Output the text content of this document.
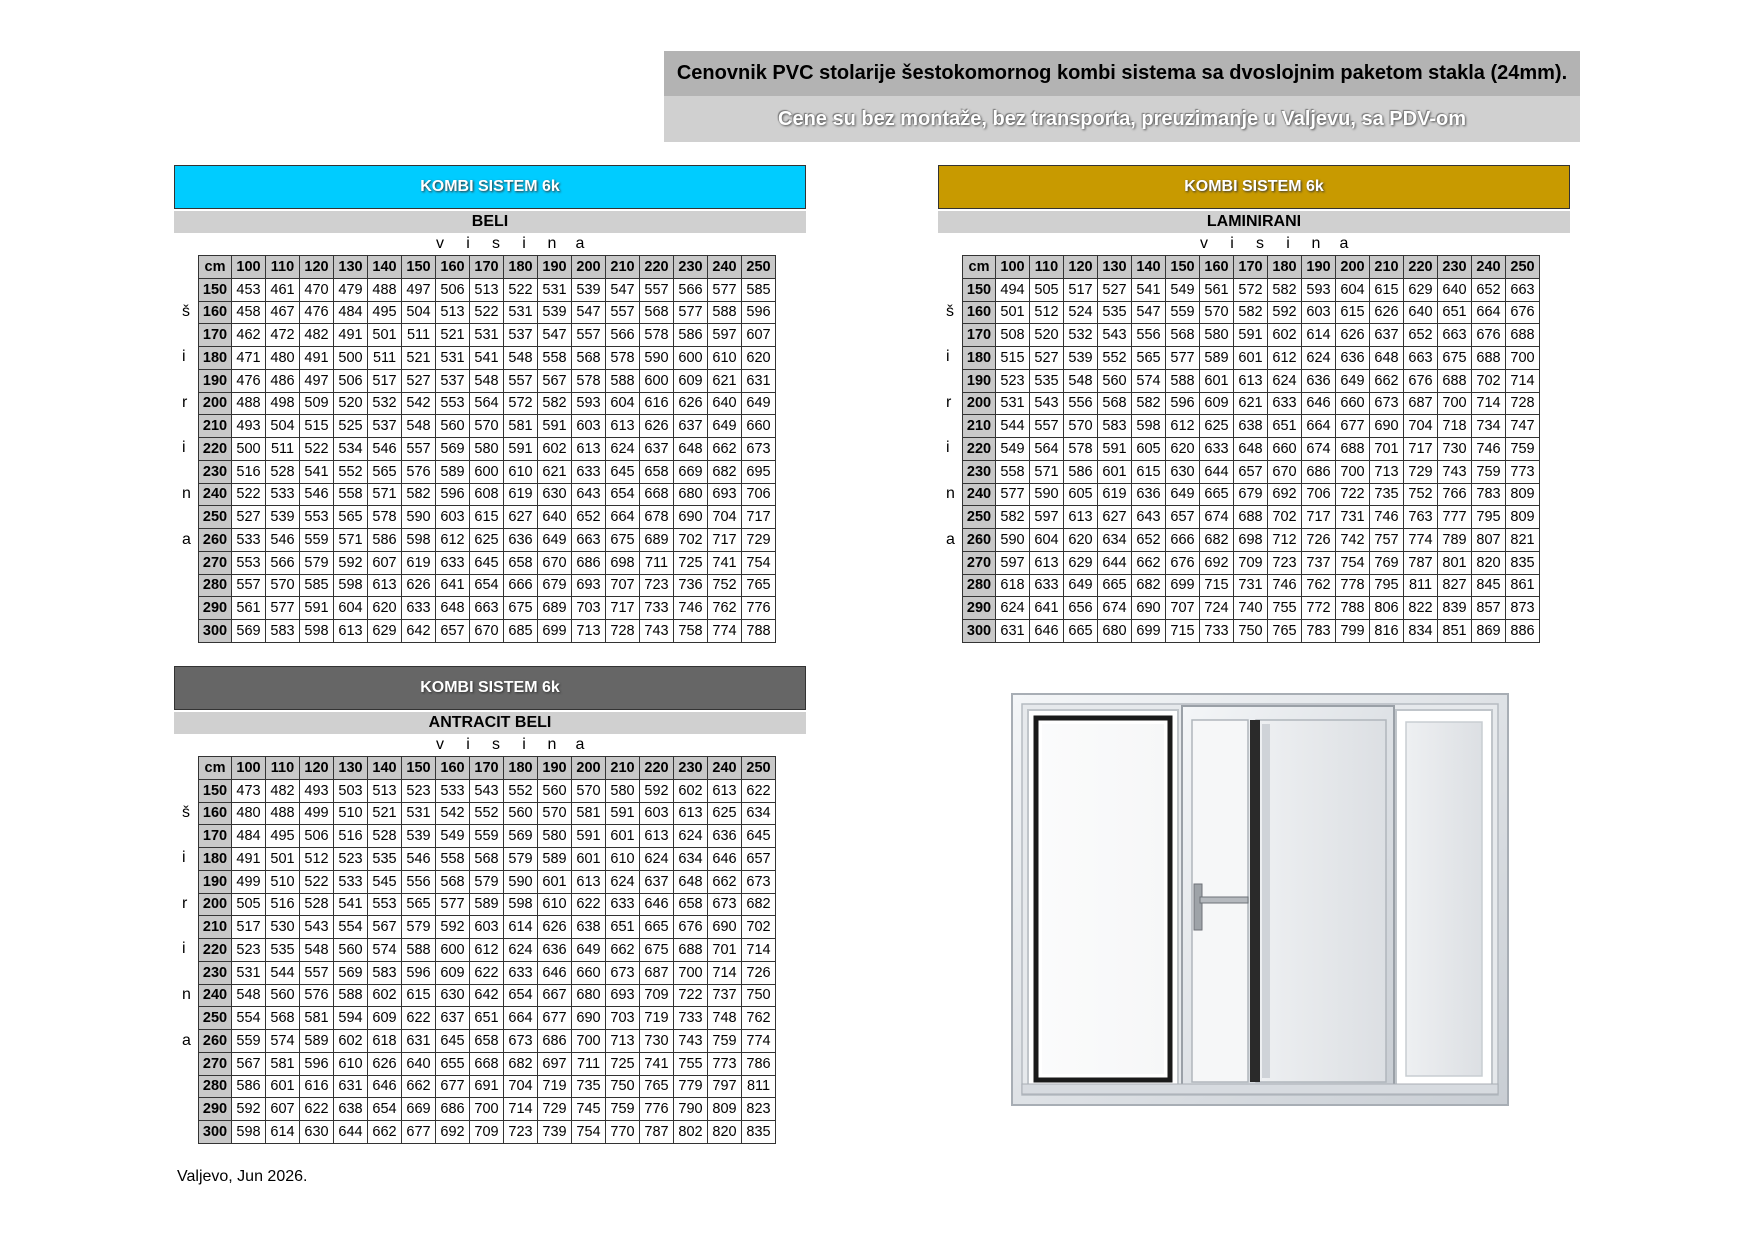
Cenovnik PVC stolarije šestokomornog kombi sistema sa dvoslojnim paketom stakla (24mm).
Cene su bez montaže, bez transporta, preuzimanje u Valjevu, sa PDV-om
KOMBI SISTEM 6k
BELI
v	i	s	i	n	a
š
i
r
i
n
a
cm	100	110	120	130	140	150	160	170	180	190	200	210	220	230	240	250
150	453	461	470	479	488	497	506	513	522	531	539	547	557	566	577	585
160	458	467	476	484	495	504	513	522	531	539	547	557	568	577	588	596
170	462	472	482	491	501	511	521	531	537	547	557	566	578	586	597	607
180	471	480	491	500	511	521	531	541	548	558	568	578	590	600	610	620
190	476	486	497	506	517	527	537	548	557	567	578	588	600	609	621	631
200	488	498	509	520	532	542	553	564	572	582	593	604	616	626	640	649
210	493	504	515	525	537	548	560	570	581	591	603	613	626	637	649	660
220	500	511	522	534	546	557	569	580	591	602	613	624	637	648	662	673
230	516	528	541	552	565	576	589	600	610	621	633	645	658	669	682	695
240	522	533	546	558	571	582	596	608	619	630	643	654	668	680	693	706
250	527	539	553	565	578	590	603	615	627	640	652	664	678	690	704	717
260	533	546	559	571	586	598	612	625	636	649	663	675	689	702	717	729
270	553	566	579	592	607	619	633	645	658	670	686	698	711	725	741	754
280	557	570	585	598	613	626	641	654	666	679	693	707	723	736	752	765
290	561	577	591	604	620	633	648	663	675	689	703	717	733	746	762	776
300	569	583	598	613	629	642	657	670	685	699	713	728	743	758	774	788
KOMBI SISTEM 6k
LAMINIRANI
v	i	s	i	n	a
š
i
r
i
n
a
cm	100	110	120	130	140	150	160	170	180	190	200	210	220	230	240	250
150	494	505	517	527	541	549	561	572	582	593	604	615	629	640	652	663
160	501	512	524	535	547	559	570	582	592	603	615	626	640	651	664	676
170	508	520	532	543	556	568	580	591	602	614	626	637	652	663	676	688
180	515	527	539	552	565	577	589	601	612	624	636	648	663	675	688	700
190	523	535	548	560	574	588	601	613	624	636	649	662	676	688	702	714
200	531	543	556	568	582	596	609	621	633	646	660	673	687	700	714	728
210	544	557	570	583	598	612	625	638	651	664	677	690	704	718	734	747
220	549	564	578	591	605	620	633	648	660	674	688	701	717	730	746	759
230	558	571	586	601	615	630	644	657	670	686	700	713	729	743	759	773
240	577	590	605	619	636	649	665	679	692	706	722	735	752	766	783	809
250	582	597	613	627	643	657	674	688	702	717	731	746	763	777	795	809
260	590	604	620	634	652	666	682	698	712	726	742	757	774	789	807	821
270	597	613	629	644	662	676	692	709	723	737	754	769	787	801	820	835
280	618	633	649	665	682	699	715	731	746	762	778	795	811	827	845	861
290	624	641	656	674	690	707	724	740	755	772	788	806	822	839	857	873
300	631	646	665	680	699	715	733	750	765	783	799	816	834	851	869	886
KOMBI SISTEM 6k
ANTRACIT BELI
v	i	s	i	n	a
š
i
r
i
n
a
cm	100	110	120	130	140	150	160	170	180	190	200	210	220	230	240	250
150	473	482	493	503	513	523	533	543	552	560	570	580	592	602	613	622
160	480	488	499	510	521	531	542	552	560	570	581	591	603	613	625	634
170	484	495	506	516	528	539	549	559	569	580	591	601	613	624	636	645
180	491	501	512	523	535	546	558	568	579	589	601	610	624	634	646	657
190	499	510	522	533	545	556	568	579	590	601	613	624	637	648	662	673
200	505	516	528	541	553	565	577	589	598	610	622	633	646	658	673	682
210	517	530	543	554	567	579	592	603	614	626	638	651	665	676	690	702
220	523	535	548	560	574	588	600	612	624	636	649	662	675	688	701	714
230	531	544	557	569	583	596	609	622	633	646	660	673	687	700	714	726
240	548	560	576	588	602	615	630	642	654	667	680	693	709	722	737	750
250	554	568	581	594	609	622	637	651	664	677	690	703	719	733	748	762
260	559	574	589	602	618	631	645	658	673	686	700	713	730	743	759	774
270	567	581	596	610	626	640	655	668	682	697	711	725	741	755	773	786
280	586	601	616	631	646	662	677	691	704	719	735	750	765	779	797	811
290	592	607	622	638	654	669	686	700	714	729	745	759	776	790	809	823
300	598	614	630	644	662	677	692	709	723	739	754	770	787	802	820	835
Valjevo, Jun 2026.
